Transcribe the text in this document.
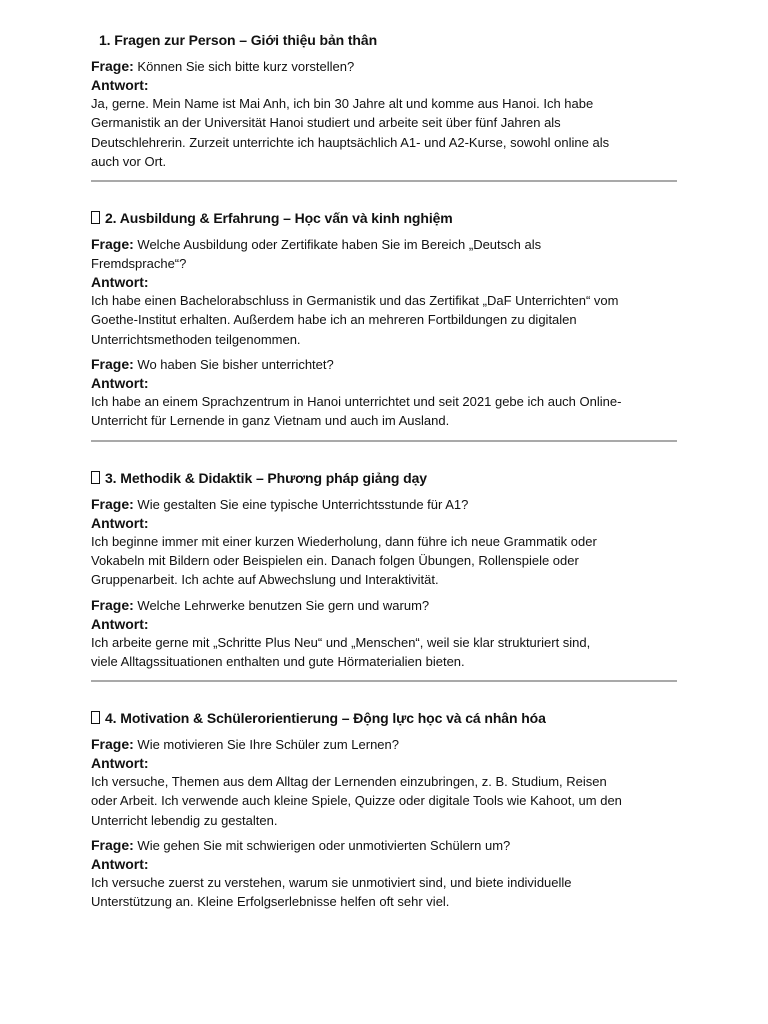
1. Fragen zur Person – Giới thiệu bản thân

Frage: Können Sie sich bitte kurz vorstellen?

Antwort:

Ja, gerne. Mein Name ist Mai Anh, ich bin 30 Jahre alt und komme aus Hanoi. Ich habe
Germanistik an der Universität Hanoi studiert und arbeite seit über fünf Jahren als
Deutschlehrerin. Zurzeit unterrichte ich hauptsächlich A1- und A2-Kurse, sowohl online als
auch vor Ort.
2. Ausbildung & Erfahrung – Học vấn và kinh nghiệm

Frage: Welche Ausbildung oder Zertifikate haben Sie im Bereich „Deutsch als

Fremdsprache“?

Antwort:

Ich habe einen Bachelorabschluss in Germanistik und das Zertifikat „DaF Unterrichten“ vom
Goethe-Institut erhalten. Außerdem habe ich an mehreren Fortbildungen zu digitalen
Unterrichtsmethoden teilgenommen.

Frage: Wo haben Sie bisher unterrichtet?

Antwort:

Ich habe an einem Sprachzentrum in Hanoi unterrichtet und seit 2021 gebe ich auch Online-
Unterricht für Lernende in ganz Vietnam und auch im Ausland.
3. Methodik & Didaktik – Phương pháp giảng dạy

Frage: Wie gestalten Sie eine typische Unterrichtsstunde für A1?

Antwort:

Ich beginne immer mit einer kurzen Wiederholung, dann führe ich neue Grammatik oder
Vokabeln mit Bildern oder Beispielen ein. Danach folgen Übungen, Rollenspiele oder
Gruppenarbeit. Ich achte auf Abwechslung und Interaktivität.

Frage: Welche Lehrwerke benutzen Sie gern und warum?

Antwort:

Ich arbeite gerne mit „Schritte Plus Neu“ und „Menschen“, weil sie klar strukturiert sind,
viele Alltagssituationen enthalten und gute Hörmaterialien bieten.
4. Motivation & Schülerorientierung – Động lực học và cá nhân hóa

Frage: Wie motivieren Sie Ihre Schüler zum Lernen?

Antwort:

Ich versuche, Themen aus dem Alltag der Lernenden einzubringen, z. B. Studium, Reisen
oder Arbeit. Ich verwende auch kleine Spiele, Quizze oder digitale Tools wie Kahoot, um den
Unterricht lebendig zu gestalten.

Frage: Wie gehen Sie mit schwierigen oder unmotivierten Schülern um?

Antwort:

Ich versuche zuerst zu verstehen, warum sie unmotiviert sind, und biete individuelle
Unterstützung an. Kleine Erfolgserlebnisse helfen oft sehr viel.
